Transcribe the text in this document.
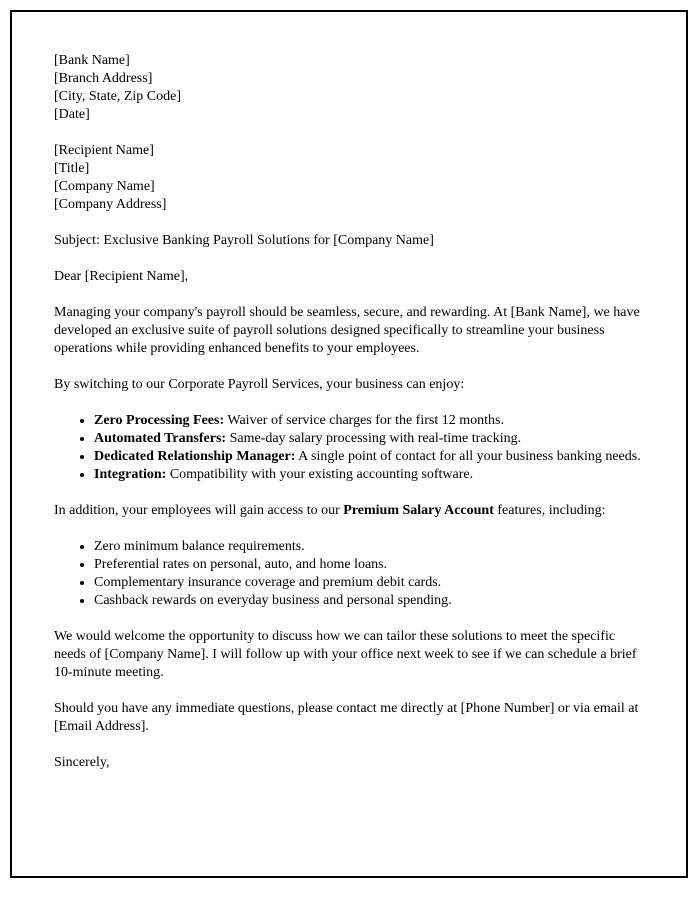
[Bank Name]
[Branch Address]
[City, State, Zip Code]
[Date]
[Recipient Name]
[Title]
[Company Name]
[Company Address]

Subject: Exclusive Banking Payroll Solutions for [Company Name]

Dear [Recipient Name],

Managing your company's payroll should be seamless, secure, and rewarding. At [Bank Name], we have developed an exclusive suite of payroll solutions designed specifically to streamline your business operations while providing enhanced benefits to your employees.

By switching to our Corporate Payroll Services, your business can enjoy:

• Zero Processing Fees: Waiver of service charges for the first 12 months.
• Automated Transfers: Same-day salary processing with real-time tracking.
• Dedicated Relationship Manager: A single point of contact for all your business banking needs.
• Integration: Compatibility with your existing accounting software.

In addition, your employees will gain access to our Premium Salary Account features, including:

• Zero minimum balance requirements.
• Preferential rates on personal, auto, and home loans.
• Complementary insurance coverage and premium debit cards.
• Cashback rewards on everyday business and personal spending.

We would welcome the opportunity to discuss how we can tailor these solutions to meet the specific needs of [Company Name]. I will follow up with your office next week to see if we can schedule a brief 10-minute meeting.

Should you have any immediate questions, please contact me directly at [Phone Number] or via email at [Email Address].

Sincerely,
